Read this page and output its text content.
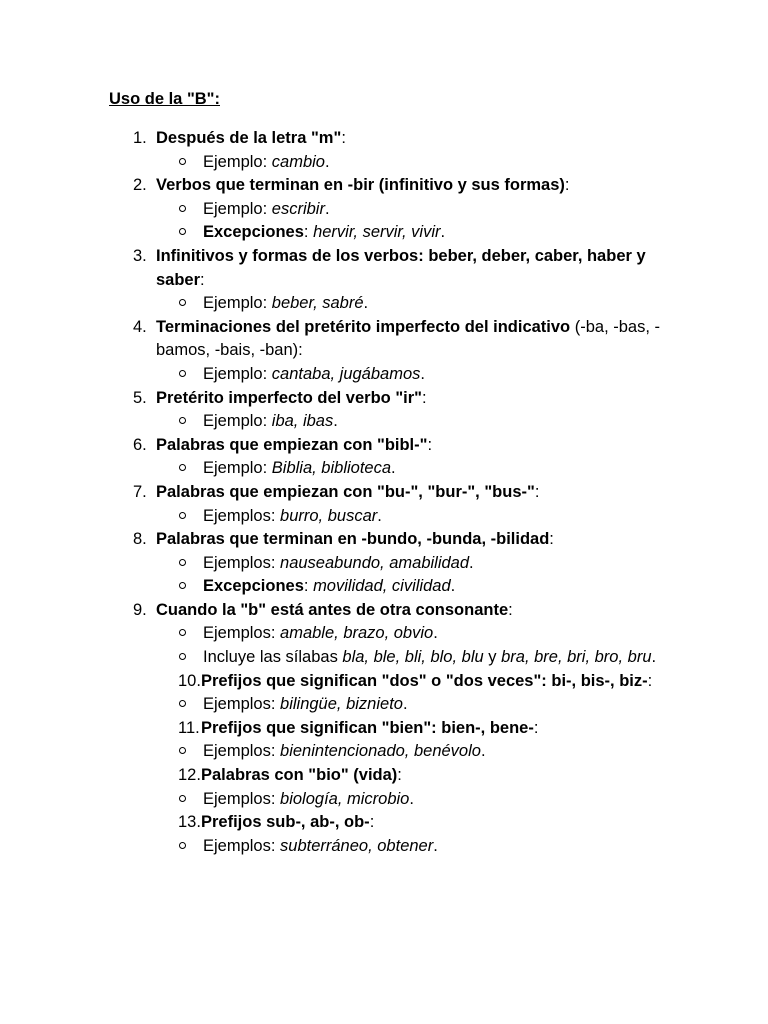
Uso de la "B":
1. Después de la letra "m":
Ejemplo: cambio.
2. Verbos que terminan en -bir (infinitivo y sus formas):
Ejemplo: escribir.
Excepciones: hervir, servir, vivir.
3. Infinitivos y formas de los verbos: beber, deber, caber, haber y saber:
Ejemplo: beber, sabré.
4. Terminaciones del pretérito imperfecto del indicativo (-ba, -bas, -bamos, -bais, -ban):
Ejemplo: cantaba, jugábamos.
5. Pretérito imperfecto del verbo "ir":
Ejemplo: iba, ibas.
6. Palabras que empiezan con "bibl-":
Ejemplo: Biblia, biblioteca.
7. Palabras que empiezan con "bu-", "bur-", "bus-":
Ejemplos: burro, buscar.
8. Palabras que terminan en -bundo, -bunda, -bilidad:
Ejemplos: nauseabundo, amabilidad.
Excepciones: movilidad, civilidad.
9. Cuando la "b" está antes de otra consonante:
Ejemplos: amable, brazo, obvio.
Incluye las sílabas bla, ble, bli, blo, blu y bra, bre, bri, bro, bru.
10. Prefijos que significan "dos" o "dos veces": bi-, bis-, biz-:
Ejemplos: bilingüe, biznieto.
11. Prefijos que significan "bien": bien-, bene-:
Ejemplos: bienintencionado, benévolo.
12. Palabras con "bio" (vida):
Ejemplos: biología, microbio.
13. Prefijos sub-, ab-, ob-:
Ejemplos: subterráneo, obtener.
